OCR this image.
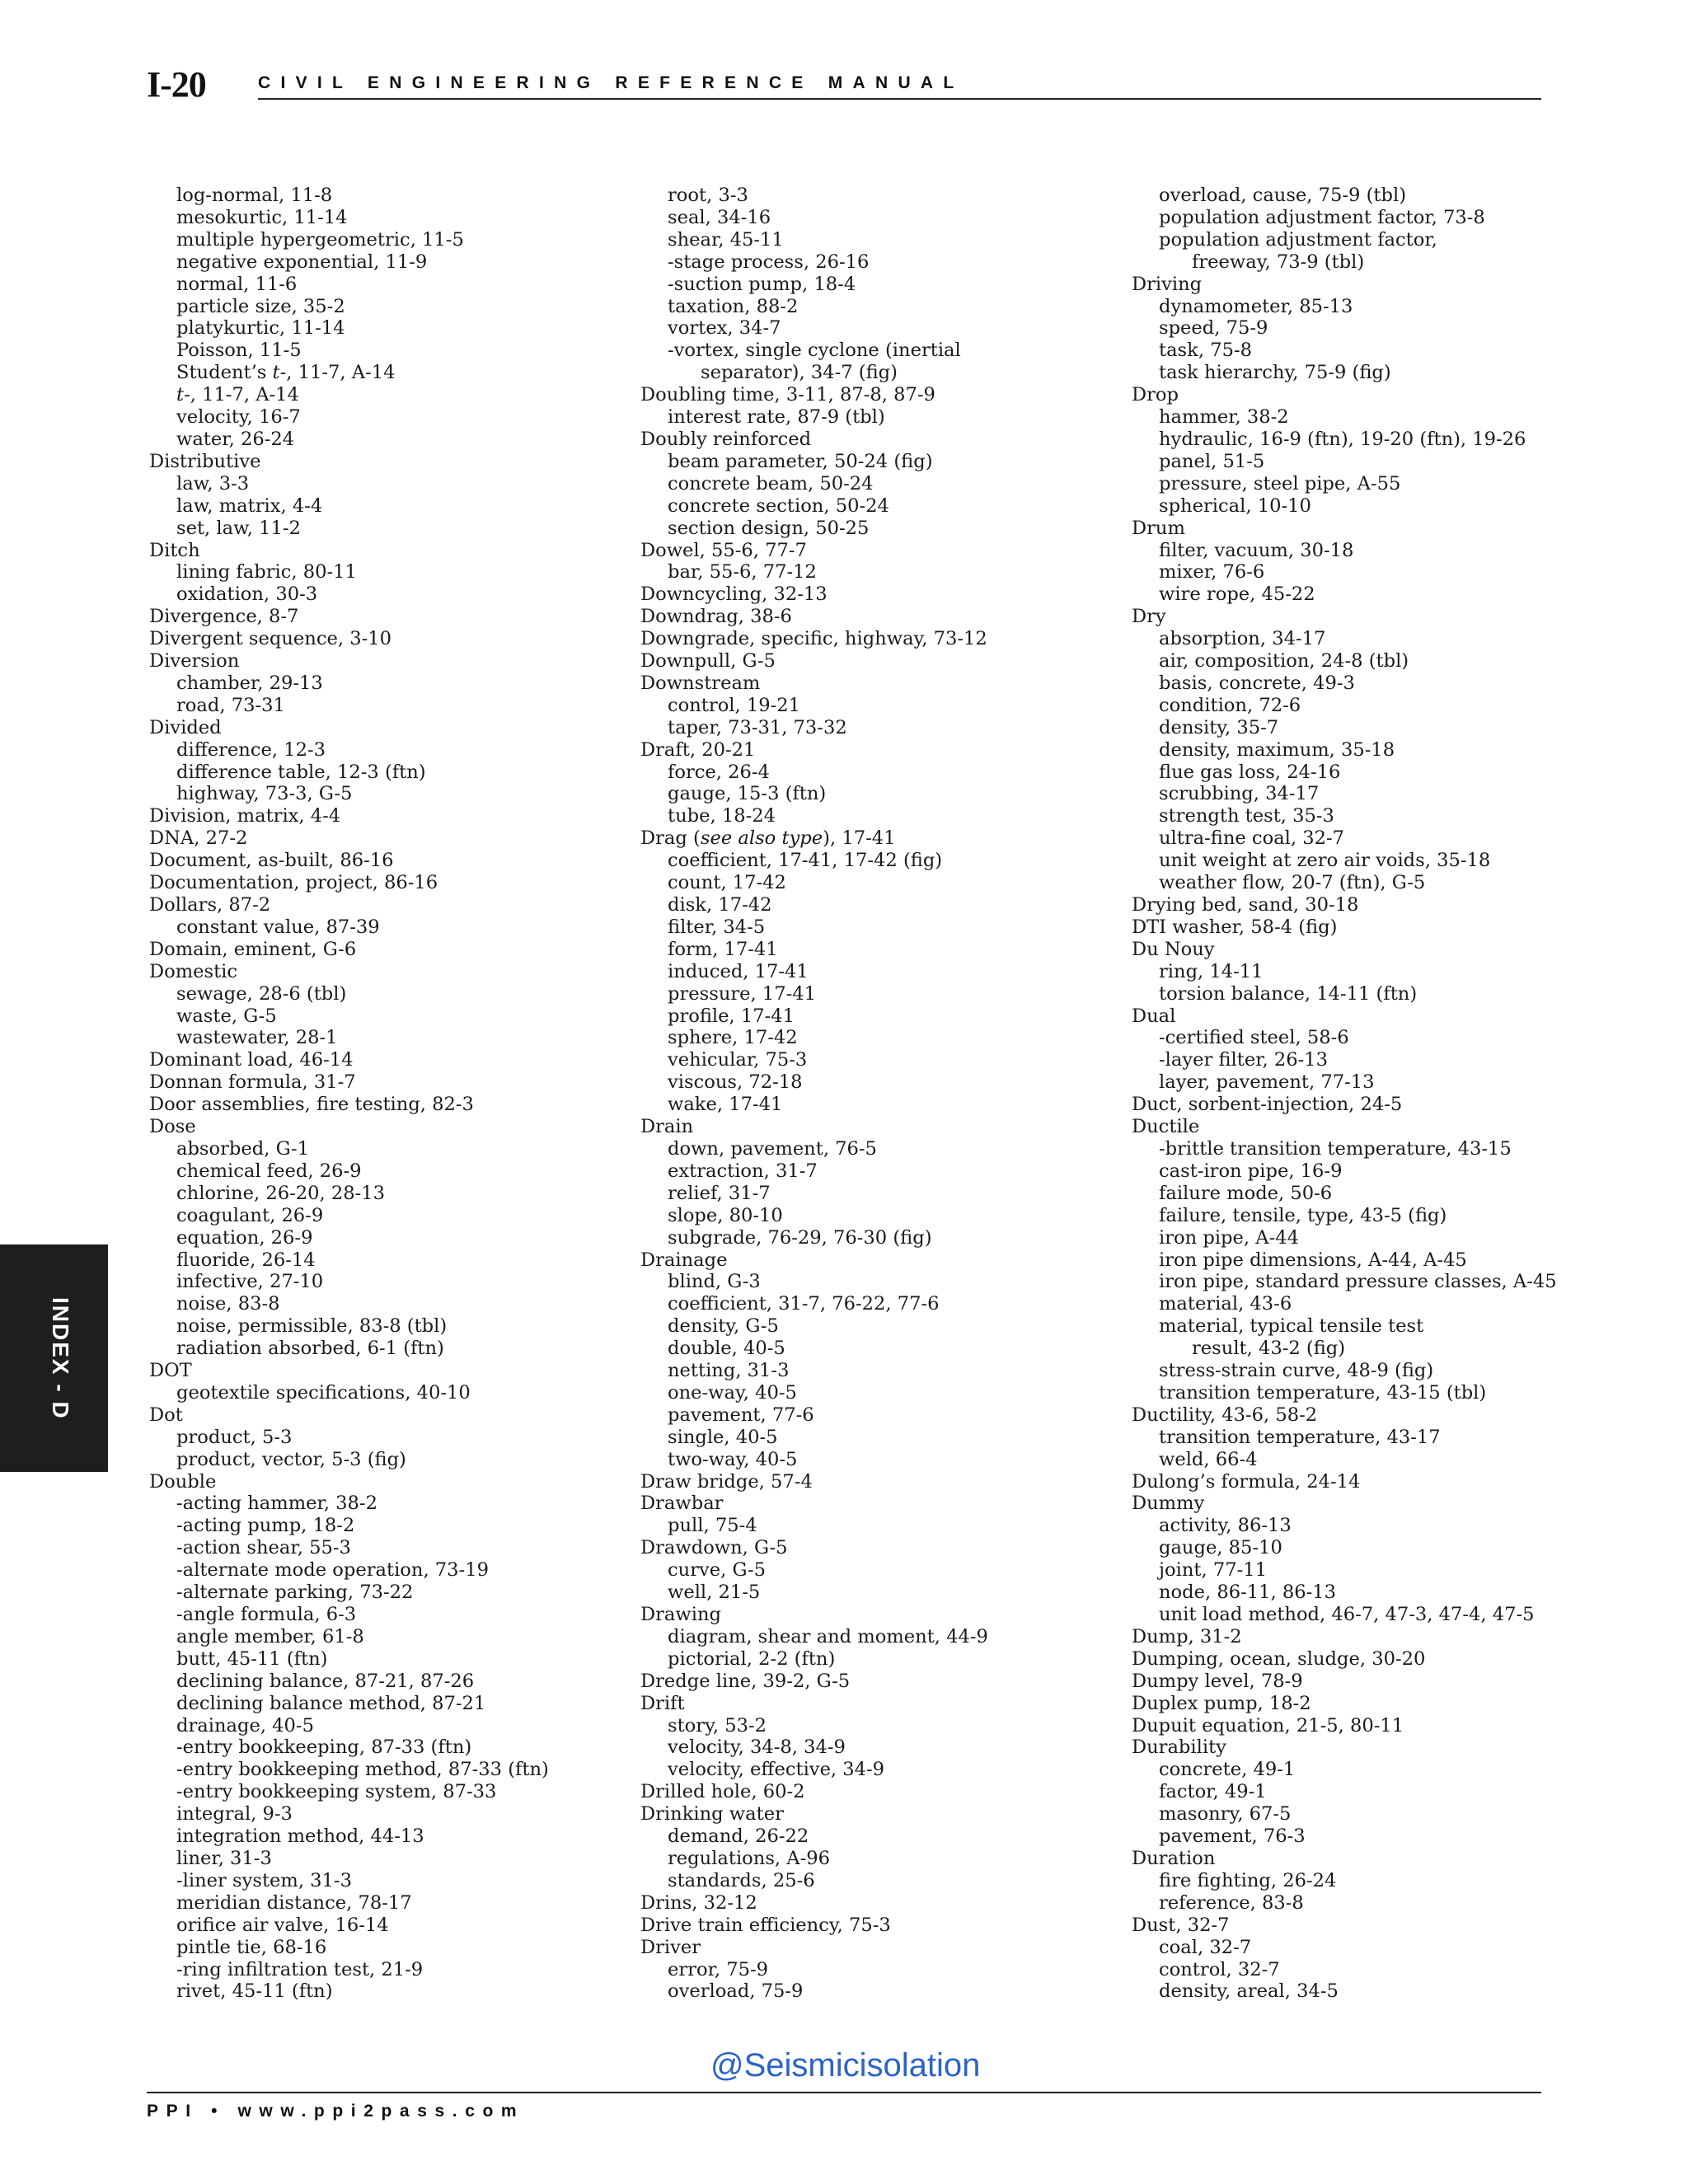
I-20	CIVIL ENGINEERING REFERENCE MANUAL
log-normal, 11-8
mesokurtic, 11-14
multiple hypergeometric, 11-5
negative exponential, 11-9
normal, 11-6
particle size, 35-2
platykurtic, 11-14
Poisson, 11-5
Student’s t-, 11-7, A-14
t-, 11-7, A-14
velocity, 16-7
water, 26-24
Distributive
law, 3-3
law, matrix, 4-4
set, law, 11-2
Ditch
lining fabric, 80-11
oxidation, 30-3
Divergence, 8-7
Divergent sequence, 3-10
Diversion
chamber, 29-13
road, 73-31
Divided
difference, 12-3
difference table, 12-3 (ftn)
highway, 73-3, G-5
Division, matrix, 4-4
DNA, 27-2
Document, as-built, 86-16
Documentation, project, 86-16
Dollars, 87-2
constant value, 87-39
Domain, eminent, G-6
Domestic
sewage, 28-6 (tbl)
waste, G-5
wastewater, 28-1
Dominant load, 46-14
Donnan formula, 31-7
Door assemblies, fire testing, 82-3
Dose
absorbed, G-1
chemical feed, 26-9
chlorine, 26-20, 28-13
coagulant, 26-9
equation, 26-9
fluoride, 26-14
infective, 27-10
noise, 83-8
noise, permissible, 83-8 (tbl)
radiation absorbed, 6-1 (ftn)
DOT
geotextile specifications, 40-10
Dot
product, 5-3
product, vector, 5-3 (fig)
Double
-acting hammer, 38-2
-acting pump, 18-2
-action shear, 55-3
-alternate mode operation, 73-19
-alternate parking, 73-22
-angle formula, 6-3
angle member, 61-8
butt, 45-11 (ftn)
declining balance, 87-21, 87-26
declining balance method, 87-21
drainage, 40-5
-entry bookkeeping, 87-33 (ftn)
-entry bookkeeping method, 87-33 (ftn)
-entry bookkeeping system, 87-33
integral, 9-3
integration method, 44-13
liner, 31-3
-liner system, 31-3
meridian distance, 78-17
orifice air valve, 16-14
pintle tie, 68-16
-ring infiltration test, 21-9
rivet, 45-11 (ftn)
root, 3-3
seal, 34-16
shear, 45-11
-stage process, 26-16
-suction pump, 18-4
taxation, 88-2
vortex, 34-7
-vortex, single cyclone (inertial
separator), 34-7 (fig)
Doubling time, 3-11, 87-8, 87-9
interest rate, 87-9 (tbl)
Doubly reinforced
beam parameter, 50-24 (fig)
concrete beam, 50-24
concrete section, 50-24
section design, 50-25
Dowel, 55-6, 77-7
bar, 55-6, 77-12
Downcycling, 32-13
Downdrag, 38-6
Downgrade, specific, highway, 73-12
Downpull, G-5
Downstream
control, 19-21
taper, 73-31, 73-32
Draft, 20-21
force, 26-4
gauge, 15-3 (ftn)
tube, 18-24
Drag (see also type), 17-41
coefficient, 17-41, 17-42 (fig)
count, 17-42
disk, 17-42
filter, 34-5
form, 17-41
induced, 17-41
pressure, 17-41
profile, 17-41
sphere, 17-42
vehicular, 75-3
viscous, 72-18
wake, 17-41
Drain
down, pavement, 76-5
extraction, 31-7
relief, 31-7
slope, 80-10
subgrade, 76-29, 76-30 (fig)
Drainage
blind, G-3
coefficient, 31-7, 76-22, 77-6
density, G-5
double, 40-5
netting, 31-3
one-way, 40-5
pavement, 77-6
single, 40-5
two-way, 40-5
Draw bridge, 57-4
Drawbar
pull, 75-4
Drawdown, G-5
curve, G-5
well, 21-5
Drawing
diagram, shear and moment, 44-9
pictorial, 2-2 (ftn)
Dredge line, 39-2, G-5
Drift
story, 53-2
velocity, 34-8, 34-9
velocity, effective, 34-9
Drilled hole, 60-2
Drinking water
demand, 26-22
regulations, A-96
standards, 25-6
Drins, 32-12
Drive train efficiency, 75-3
Driver
error, 75-9
overload, 75-9
overload, cause, 75-9 (tbl)
population adjustment factor, 73-8
population adjustment factor,
freeway, 73-9 (tbl)
Driving
dynamometer, 85-13
speed, 75-9
task, 75-8
task hierarchy, 75-9 (fig)
Drop
hammer, 38-2
hydraulic, 16-9 (ftn), 19-20 (ftn), 19-26
panel, 51-5
pressure, steel pipe, A-55
spherical, 10-10
Drum
filter, vacuum, 30-18
mixer, 76-6
wire rope, 45-22
Dry
absorption, 34-17
air, composition, 24-8 (tbl)
basis, concrete, 49-3
condition, 72-6
density, 35-7
density, maximum, 35-18
flue gas loss, 24-16
scrubbing, 34-17
strength test, 35-3
ultra-fine coal, 32-7
unit weight at zero air voids, 35-18
weather flow, 20-7 (ftn), G-5
Drying bed, sand, 30-18
DTI washer, 58-4 (fig)
Du Nouy
ring, 14-11
torsion balance, 14-11 (ftn)
Dual
-certified steel, 58-6
-layer filter, 26-13
layer, pavement, 77-13
Duct, sorbent-injection, 24-5
Ductile
-brittle transition temperature, 43-15
cast-iron pipe, 16-9
failure mode, 50-6
failure, tensile, type, 43-5 (fig)
iron pipe, A-44
iron pipe dimensions, A-44, A-45
iron pipe, standard pressure classes, A-45
material, 43-6
material, typical tensile test
result, 43-2 (fig)
stress-strain curve, 48-9 (fig)
transition temperature, 43-15 (tbl)
Ductility, 43-6, 58-2
transition temperature, 43-17
weld, 66-4
Dulong’s formula, 24-14
Dummy
activity, 86-13
gauge, 85-10
joint, 77-11
node, 86-11, 86-13
unit load method, 46-7, 47-3, 47-4, 47-5
Dump, 31-2
Dumping, ocean, sludge, 30-20
Dumpy level, 78-9
Duplex pump, 18-2
Dupuit equation, 21-5, 80-11
Durability
concrete, 49-1
factor, 49-1
masonry, 67-5
pavement, 76-3
Duration
fire fighting, 26-24
reference, 83-8
Dust, 32-7
coal, 32-7
control, 32-7
density, areal, 34-5
INDEX - D
@Seismicisolation
PPI • www.ppi2pass.com
